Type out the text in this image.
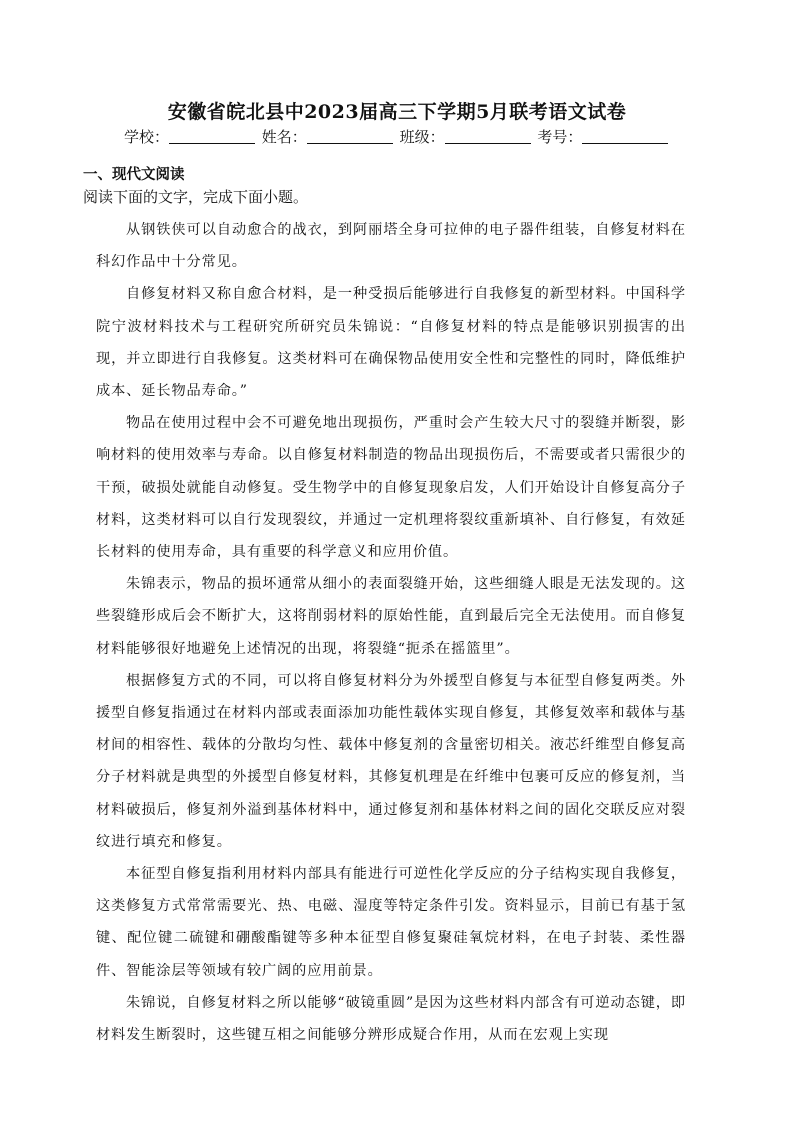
安徽省皖北县中2023届高三下学期5月联考语文试卷
学校：	姓名：	班级：	考号：
一、现代文阅读
阅读下面的文字，完成下面小题。

从钢铁侠可以自动愈合的战衣，到阿丽塔全身可拉伸的电子器件组装，自修复材料在科幻作品中十分常见。

自修复材料又称自愈合材料，是一种受损后能够进行自我修复的新型材料。中国科学院宁波材料技术与工程研究所研究员朱锦说：“自修复材料的特点是能够识别损害的出现，并立即进行自我修复。这类材料可在确保物品使用安全性和完整性的同时，降低维护成本、延长物品寿命。”

物品在使用过程中会不可避免地出现损伤，严重时会产生较大尺寸的裂缝并断裂，影响材料的使用效率与寿命。以自修复材料制造的物品出现损伤后，不需要或者只需很少的干预，破损处就能自动修复。受生物学中的自修复现象启发，人们开始设计自修复高分子材料，这类材料可以自行发现裂纹，并通过一定机理将裂纹重新填补、自行修复，有效延长材料的使用寿命，具有重要的科学意义和应用价值。

朱锦表示，物品的损坏通常从细小的表面裂缝开始，这些细缝人眼是无法发现的。这些裂缝形成后会不断扩大，这将削弱材料的原始性能，直到最后完全无法使用。而自修复材料能够很好地避免上述情况的出现，将裂缝“扼杀在摇篮里”。

根据修复方式的不同，可以将自修复材料分为外援型自修复与本征型自修复两类。外援型自修复指通过在材料内部或表面添加功能性载体实现自修复，其修复效率和载体与基材间的相容性、载体的分散均匀性、载体中修复剂的含量密切相关。液芯纤维型自修复高分子材料就是典型的外援型自修复材料，其修复机理是在纤维中包裹可反应的修复剂，当材料破损后，修复剂外溢到基体材料中，通过修复剂和基体材料之间的固化交联反应对裂纹进行填充和修复。

本征型自修复指利用材料内部具有能进行可逆性化学反应的分子结构实现自我修复，这类修复方式常常需要光、热、电磁、湿度等特定条件引发。资料显示，目前已有基于氢键、配位键二硫键和硼酸酯键等多种本征型自修复聚硅氧烷材料，在电子封装、柔性器件、智能涂层等领域有较广阔的应用前景。

朱锦说，自修复材料之所以能够“破镜重圆”是因为这些材料内部含有可逆动态键，即材料发生断裂时，这些键互相之间能够分辨形成疑合作用，从而在宏观上实现
